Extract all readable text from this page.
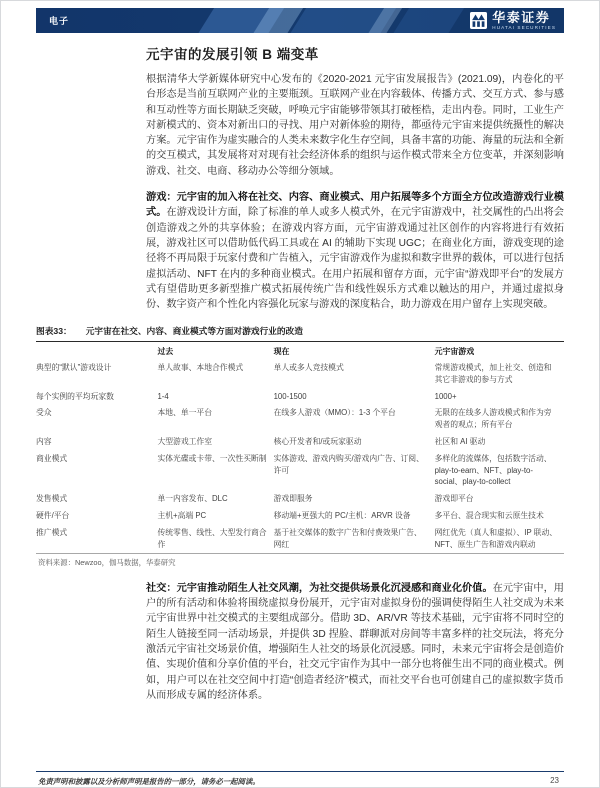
电子	华泰证券
HUATAI SECURITIES
元宇宙的发展引领 B 端变革

根据清华大学新媒体研究中心发布的《2020-2021 元宇宙发展报告》(2021.09)，内卷化的平台形态是当前互联网产业的主要瓶颈。互联网产业在内容载体、传播方式、交互方式、参与感和互动性等方面长期缺乏突破，呼唤元宇宙能够带领其打破桎梏，走出内卷。同时，工业生产对新模式的、资本对新出口的寻找、用户对新体验的期待，都亟待元宇宙来提供统摄性的解决方案。元宇宙作为虚实融合的人类未来数字化生存空间，具备丰富的功能、海量的玩法和全新的交互模式，其发展将对对现有社会经济体系的组织与运作模式带来全方位变革，并深刻影响游戏、社交、电商、移动办公等细分领域。

游戏：元宇宙的加入将在社交、内容、商业模式、用户拓展等多个方面全方位改造游戏行业模式。在游戏设计方面，除了标准的单人或多人模式外，在元宇宙游戏中，社交属性的凸出将会创造游戏之外的共享体验；在游戏内容方面，元宇宙游戏通过社区创作的内容将进行有效拓展，游戏社区可以借助低代码工具或在 AI 的辅助下实现 UGC；在商业化方面，游戏变现的途径将不再局限于玩家付费和广告植入，元宇宙游戏作为虚拟和数字世界的载体，可以进行包括虚拟活动、NFT 在内的多种商业模式。在用户拓展和留存方面，元宇宙“游戏即平台”的发展方式有望借助更多新型推广模式拓展传统广告和线性娱乐方式难以触达的用户，并通过虚拟身份、数字资产和个性化内容强化玩家与游戏的深度粘合，助力游戏在用户留存上实现突破。

图表33： 元宇宙在社交、内容、商业模式等方面对游戏行业的改造
	过去	现在	元宇宙游戏
典型的“默认”游戏设计	单人故事、本地合作模式	单人或多人竞技模式	常规游戏模式，加上社交、创造和其它非游戏的参与方式
每个实例的平均玩家数	1-4	100-1500	1000+
受众	本地、单一平台	在线多人游戏（MMO）：1-3 个平台	无限的在线多人游戏模式和作为旁观者的观点；所有平台
内容	大型游戏工作室	核心开发者和/或玩家驱动	社区和 AI 驱动
商业模式	实体光碟或卡带、一次性买断制	实体游戏、游戏内购买/游戏内广告、订阅、许可	多样化的流媒体，包括数字活动、play-to-earn、NFT、play-to-social、play-to-collect
发售模式	单一内容发布、DLC	游戏即服务	游戏即平台
硬件/平台	主机+高端 PC	移动端+更强大的 PC/主机：ARVR 设备	多平台、混合现实和云原生技术
推广模式	传统零售、线性、大型发行商合作	基于社交媒体的数字广告和付费效果广告、网红	网红优先（真人和虚拟）、IP 联动、NFT、原生广告和游戏内联动
资料来源：Newzoo，伽马数据，华泰研究

社交：元宇宙推动陌生人社交风潮，为社交提供场景化沉浸感和商业化价值。在元宇宙中，用户的所有活动和体验将围绕虚拟身份展开，元宇宙对虚拟身份的强调使得陌生人社交成为未来元宇宙世界中社交模式的主要组成部分。借助 3D、AR/VR 等技术基础，元宇宙将不同时空的陌生人链接至同一活动场景，并提供 3D 捏脸、群聊派对房间等丰富多样的社交玩法，将充分激活元宇宙社交场景价值，增强陌生人社交的场景化沉浸感。同时，未来元宇宙将会是创造价值、实现价值和分享价值的平台，社交元宇宙作为其中一部分也将催生出不同的商业模式。例如，用户可以在社交空间中打造“创造者经济”模式，而社交平台也可创建自己的虚拟数字货币从而形成专属的经济体系。

免责声明和披露以及分析师声明是报告的一部分，请务必一起阅读。	23
